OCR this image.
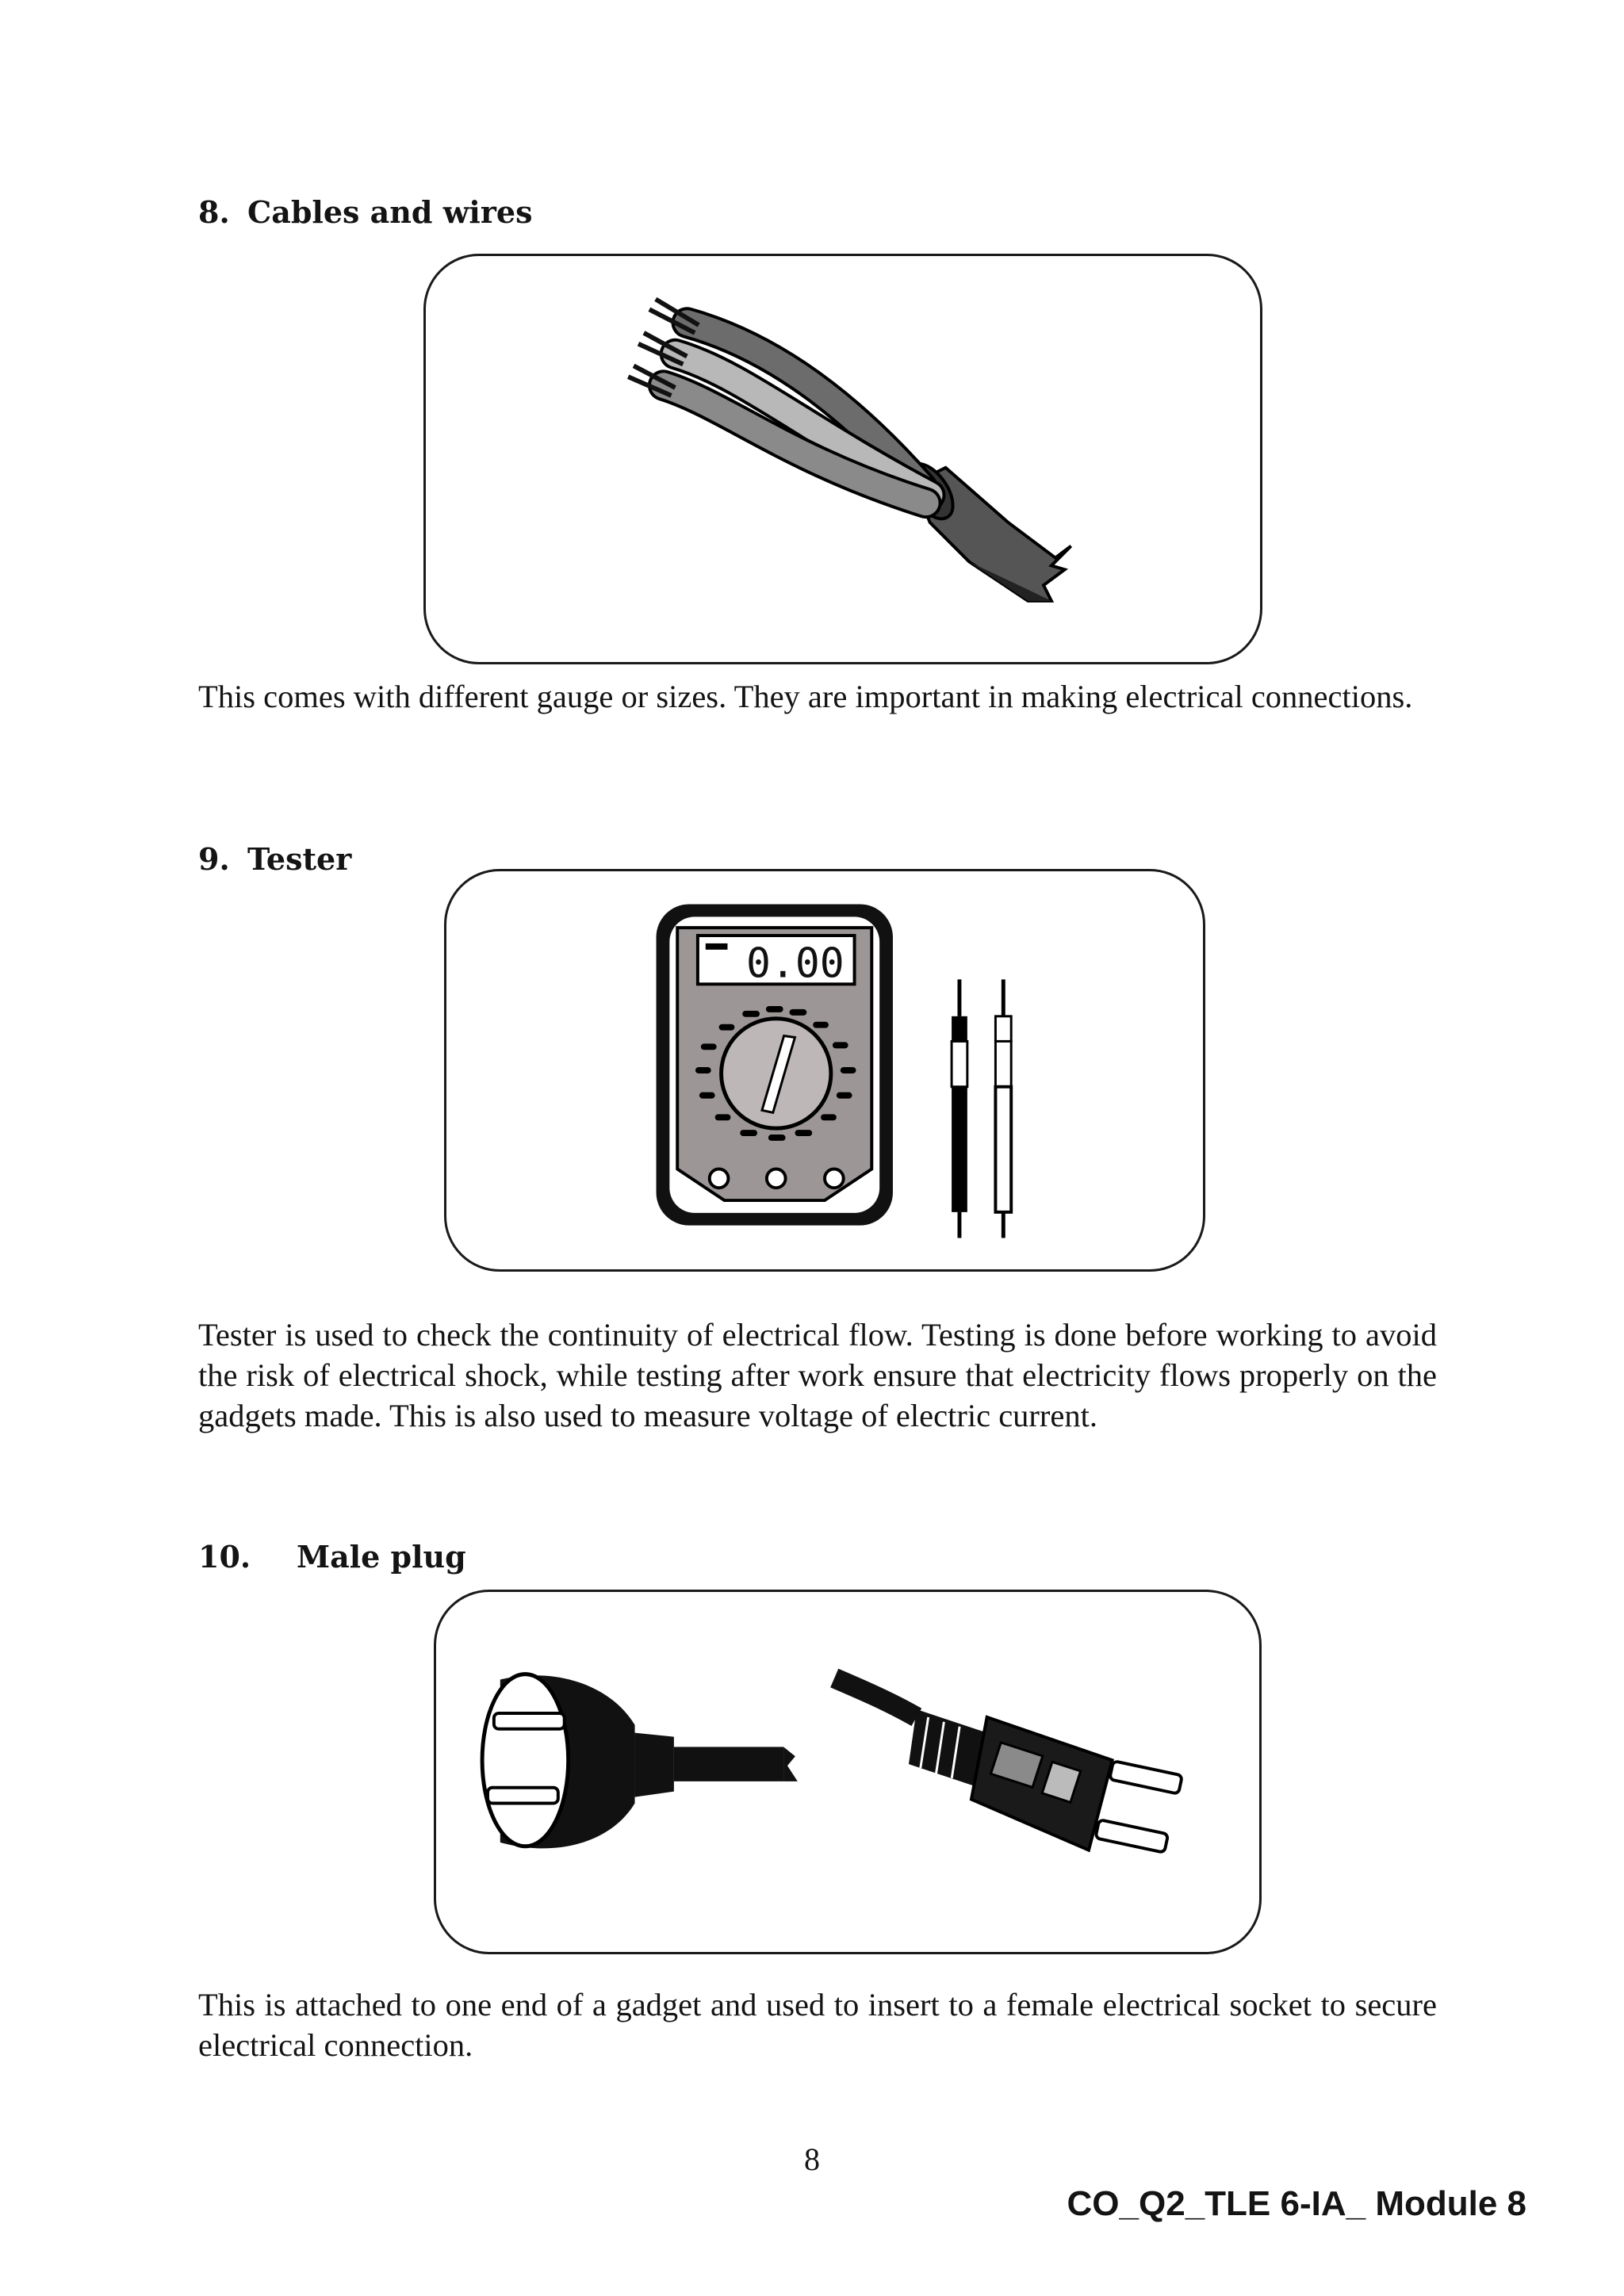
8. Cables and wires

This comes with different gauge or sizes. They are important in making electrical connections.

9. Tester
0.00

Tester is used to check the continuity of electrical flow. Testing is done before working to avoid the risk of electrical shock, while testing after work ensure that electricity flows properly on the gadgets made. This is also used to measure voltage of electric current.

10. Male plug

This is attached to one end of a gadget and used to insert to a female electrical socket to secure electrical connection.

8
CO_Q2_TLE 6-IA_ Module 8
